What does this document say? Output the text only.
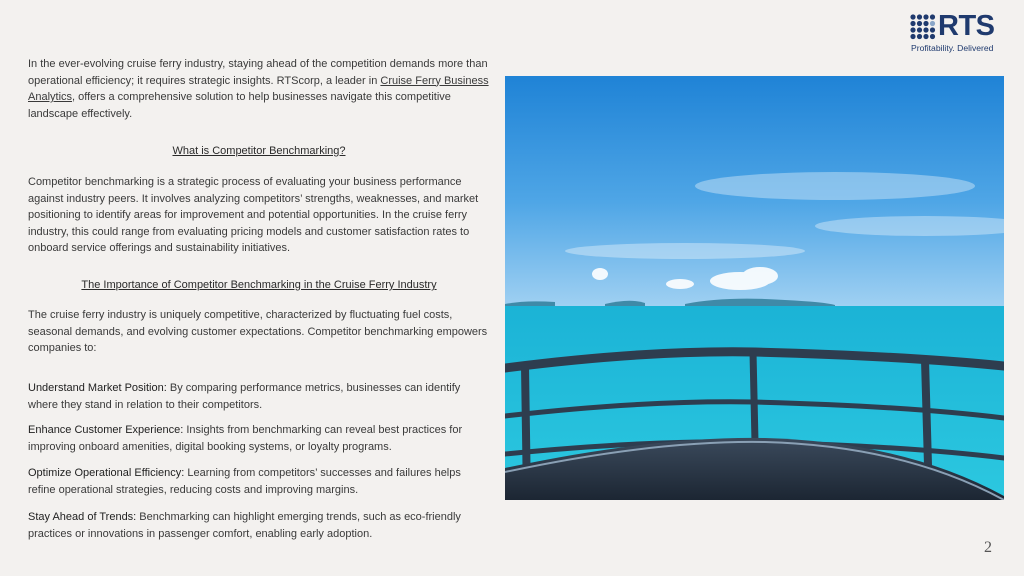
RTS
Profitability. Delivered
In the ever-evolving cruise ferry industry, staying ahead of the competition demands more than operational efficiency; it requires strategic insights. RTScorp, a leader in Cruise Ferry Business Analytics, offers a comprehensive solution to help businesses navigate this competitive landscape effectively.
What is Competitor Benchmarking?
Competitor benchmarking is a strategic process of evaluating your business performance against industry peers. It involves analyzing competitors’ strengths, weaknesses, and market positioning to identify areas for improvement and potential opportunities. In the cruise ferry industry, this could range from evaluating pricing models and customer satisfaction rates to onboard service offerings and sustainability initiatives.
The Importance of Competitor Benchmarking in the Cruise Ferry Industry
The cruise ferry industry is uniquely competitive, characterized by fluctuating fuel costs, seasonal demands, and evolving customer expectations. Competitor benchmarking empowers companies to:
Understand Market Position: By comparing performance metrics, businesses can identify where they stand in relation to their competitors.
Enhance Customer Experience: Insights from benchmarking can reveal best practices for improving onboard amenities, digital booking systems, or loyalty programs.
Optimize Operational Efficiency: Learning from competitors’ successes and failures helps refine operational strategies, reducing costs and improving margins.
Stay Ahead of Trends: Benchmarking can highlight emerging trends, such as eco-friendly practices or innovations in passenger comfort, enabling early adoption.
2
